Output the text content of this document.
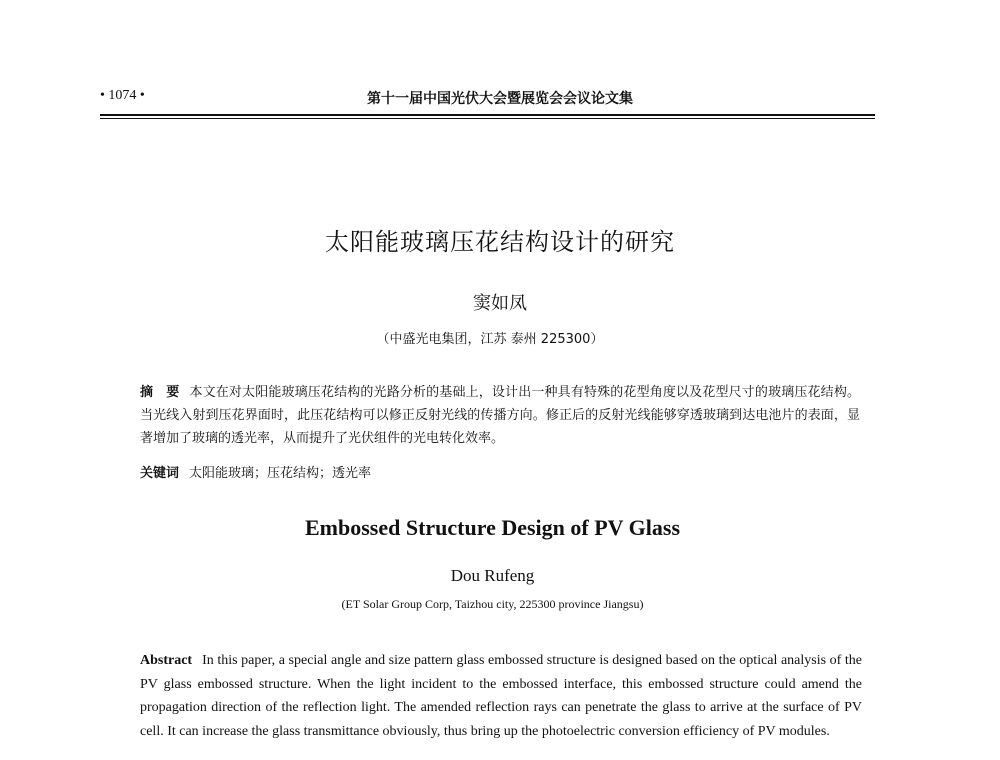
• 1074 •	第十一届中国光伏大会暨展览会会议论文集
太阳能玻璃压花结构设计的研究
窦如凤
（中盛光电集团，江苏 泰州 225300）
摘　要 本文在对太阳能玻璃压花结构的光路分析的基础上，设计出一种具有特殊的花型角度以及花型尺寸的玻璃压花结构。当光线入射到压花界面时，此压花结构可以修正反射光线的传播方向。修正后的反射光线能够穿透玻璃到达电池片的表面，显著增加了玻璃的透光率，从而提升了光伏组件的光电转化效率。
关键词 太阳能玻璃；压花结构；透光率
Embossed Structure Design of PV Glass
Dou Rufeng
(ET Solar Group Corp, Taizhou city, 225300 province Jiangsu)
Abstract In this paper, a special angle and size pattern glass embossed structure is designed based on the optical analysis of the PV glass embossed structure. When the light incident to the embossed interface, this embossed structure could amend the propagation direction of the reflection light. The amended reflection rays can penetrate the glass to arrive at the surface of PV cell. It can increase the glass transmittance obviously, thus bring up the photoelectric conversion efficiency of PV modules.
